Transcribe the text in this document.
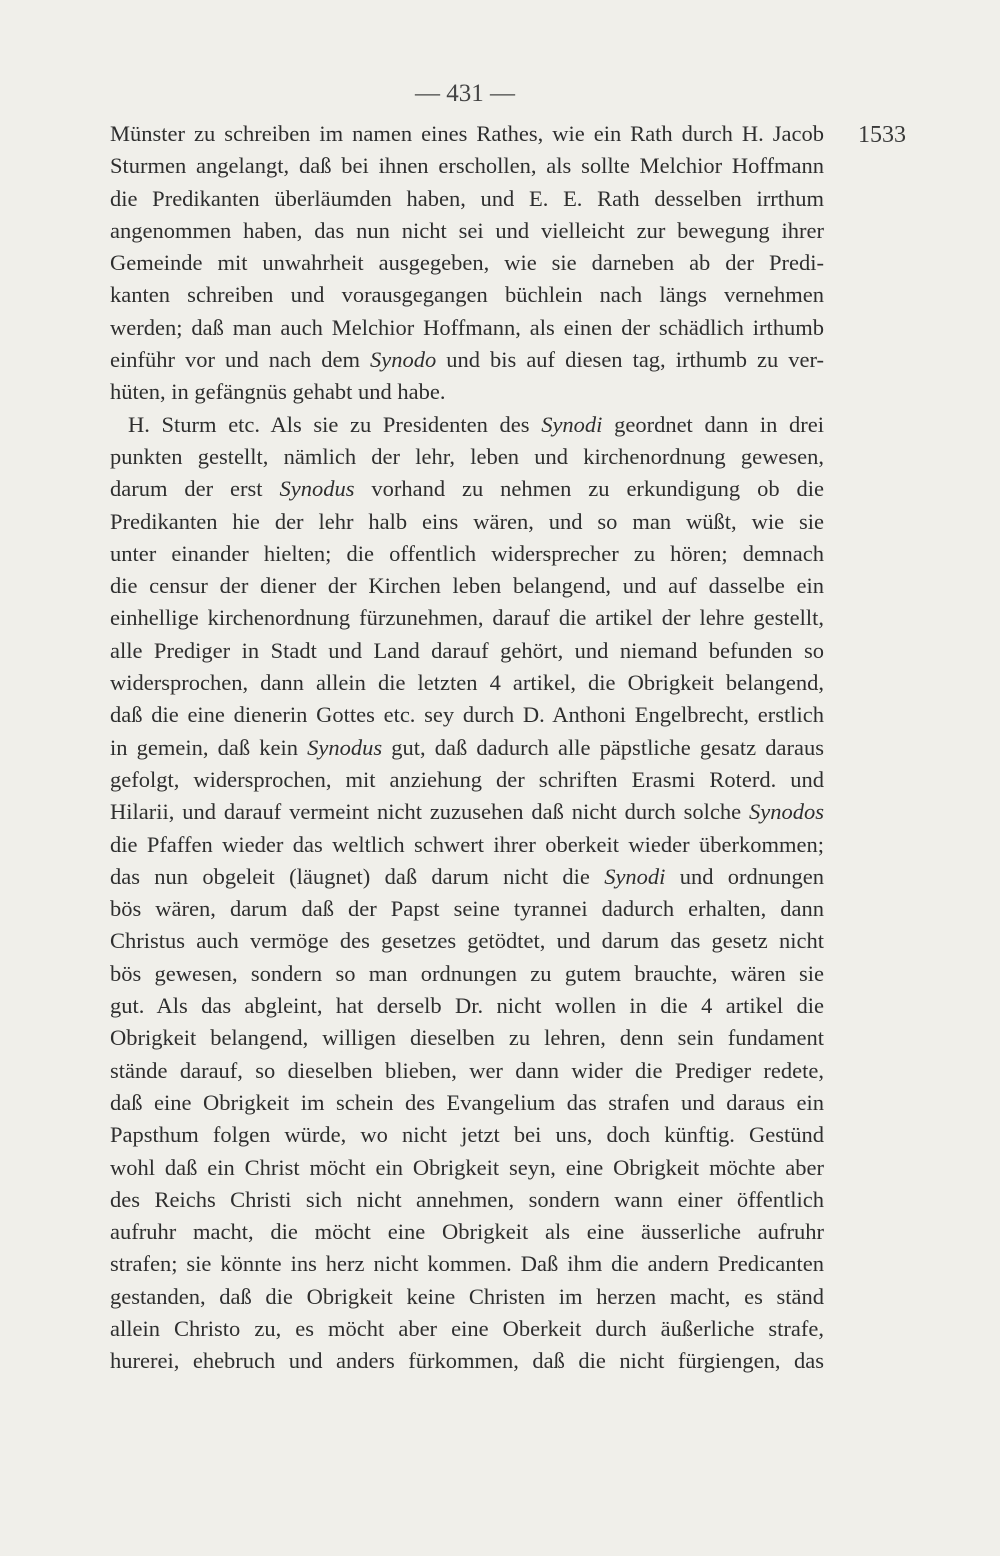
— 431 —
1533
Münster zu schreiben im namen eines Rathes, wie ein Rath durch H. Jacob
Sturmen angelangt, daß bei ihnen erschollen, als sollte Melchior Hoffmann
die Predikanten überläumden haben, und E. E. Rath desselben irrthum
angenommen haben, das nun nicht sei und vielleicht zur bewegung ihrer
Gemeinde mit unwahrheit ausgegeben, wie sie darneben ab der Predi-
kanten schreiben und vorausgegangen büchlein nach längs vernehmen
werden; daß man auch Melchior Hoffmann, als einen der schädlich irthumb
einführ vor und nach dem Synodo und bis auf diesen tag, irthumb zu ver-
hüten, in gefängnüs gehabt und habe.
H. Sturm etc. Als sie zu Presidenten des Synodi geordnet dann in drei
punkten gestellt, nämlich der lehr, leben und kirchenordnung gewesen,
darum der erst Synodus vorhand zu nehmen zu erkundigung ob die
Predikanten hie der lehr halb eins wären, und so man wüßt, wie sie
unter einander hielten; die offentlich widersprecher zu hören; demnach
die censur der diener der Kirchen leben belangend, und auf dasselbe ein
einhellige kirchenordnung fürzunehmen, darauf die artikel der lehre gestellt,
alle Prediger in Stadt und Land darauf gehört, und niemand befunden so
widersprochen, dann allein die letzten 4 artikel, die Obrigkeit belangend,
daß die eine dienerin Gottes etc. sey durch D. Anthoni Engelbrecht, erstlich
in gemein, daß kein Synodus gut, daß dadurch alle päpstliche gesatz daraus
gefolgt, widersprochen, mit anziehung der schriften Erasmi Roterd. und
Hilarii, und darauf vermeint nicht zuzusehen daß nicht durch solche Synodos
die Pfaffen wieder das weltlich schwert ihrer oberkeit wieder überkommen;
das nun obgeleit (läugnet) daß darum nicht die Synodi und ordnungen
bös wären, darum daß der Papst seine tyrannei dadurch erhalten, dann
Christus auch vermöge des gesetzes getödtet, und darum das gesetz nicht
bös gewesen, sondern so man ordnungen zu gutem brauchte, wären sie
gut. Als das abgleint, hat derselb Dr. nicht wollen in die 4 artikel die
Obrigkeit belangend, willigen dieselben zu lehren, denn sein fundament
stände darauf, so dieselben blieben, wer dann wider die Prediger redete,
daß eine Obrigkeit im schein des Evangelium das strafen und daraus ein
Papsthum folgen würde, wo nicht jetzt bei uns, doch künftig. Gestünd
wohl daß ein Christ möcht ein Obrigkeit seyn, eine Obrigkeit möchte aber
des Reichs Christi sich nicht annehmen, sondern wann einer öffentlich
aufruhr macht, die möcht eine Obrigkeit als eine äusserliche aufruhr
strafen; sie könnte ins herz nicht kommen. Daß ihm die andern Predicanten
gestanden, daß die Obrigkeit keine Christen im herzen macht, es ständ
allein Christo zu, es möcht aber eine Oberkeit durch äußerliche strafe,
hurerei, ehebruch und anders fürkommen, daß die nicht fürgiengen, das
